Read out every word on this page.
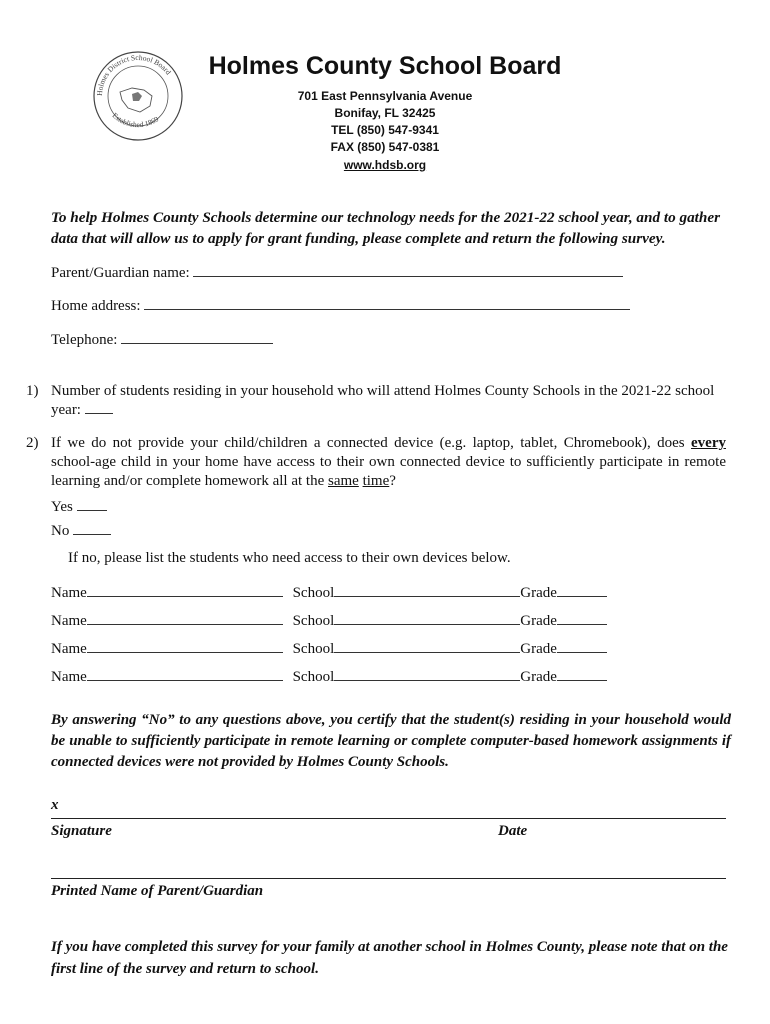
Holmes District School Board
Established 1869
Holmes County School Board
701 East Pennsylvania Avenue
Bonifay, FL 32425
TEL (850) 547-9341
FAX (850) 547-0381
www.hdsb.org
To help Holmes County Schools determine our technology needs for the 2021-22 school year, and to gather data that will allow us to apply for grant funding, please complete and return the following survey.
Parent/Guardian name:
Home address:
Telephone:
1) Number of students residing in your household who will attend Holmes County Schools in the 2021-22 school year:
2) If we do not provide your child/children a connected device (e.g. laptop, tablet, Chromebook), does every school-age child in your home have access to their own connected device to sufficiently participate in remote learning and/or complete homework all at the same time?
Yes
No
If no, please list the students who need access to their own devices below.
Name	School	Grade
Name	School	Grade
Name	School	Grade
Name	School	Grade
By answering “No” to any questions above, you certify that the student(s) residing in your household would be unable to sufficiently participate in remote learning or complete computer-based homework assignments if connected devices were not provided by Holmes County Schools.
x
Signature	Date
Printed Name of Parent/Guardian
If you have completed this survey for your family at another school in Holmes County, please note that on the first line of the survey and return to school.
